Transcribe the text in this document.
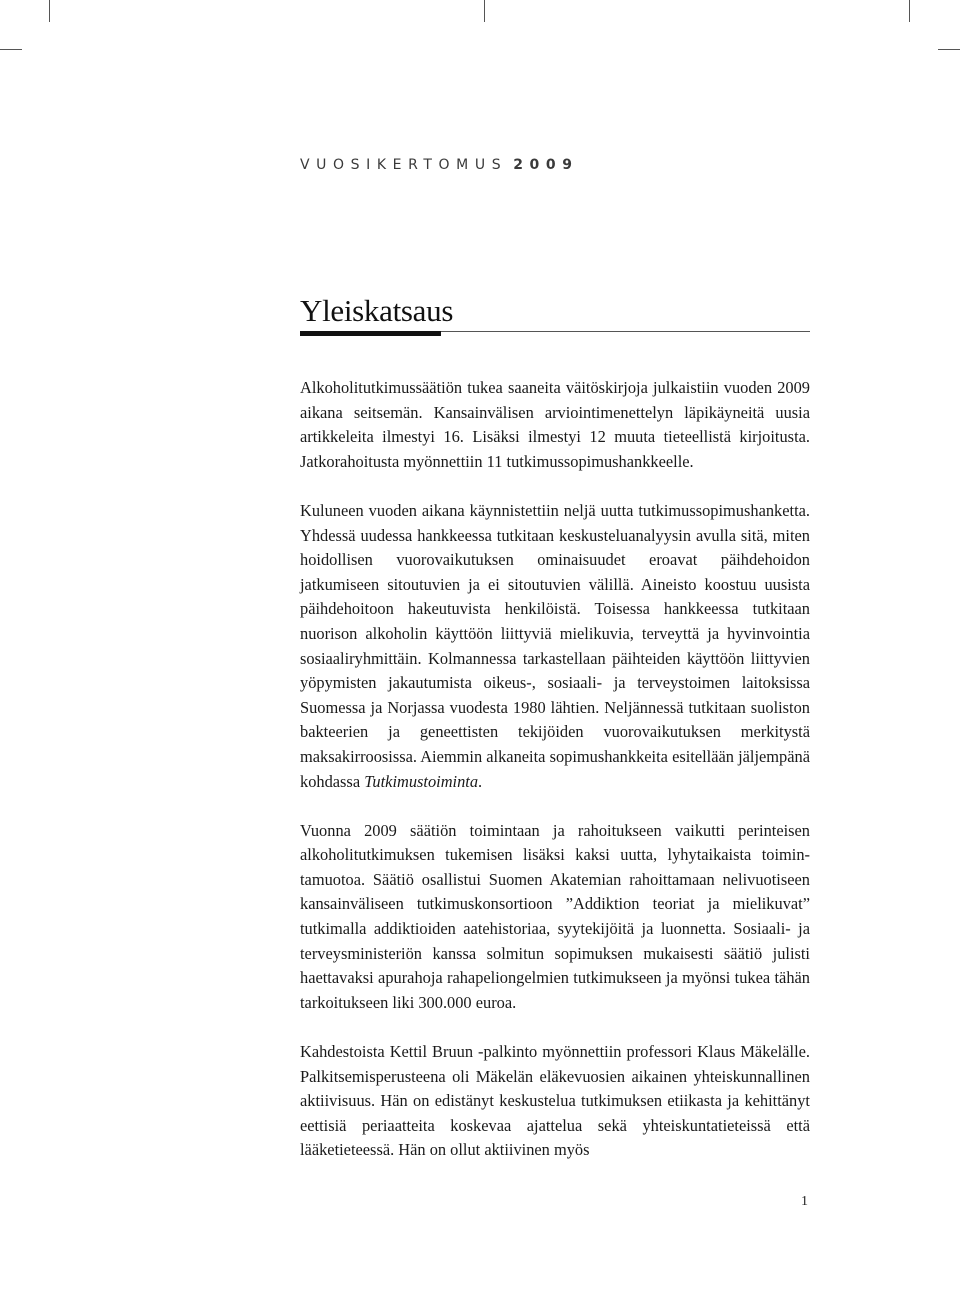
VUOSIKERTOMUS 2009
Yleiskatsaus

Alkoholitutkimussäätiön tukea saaneita väitöskirjoja julkaistiin vuoden 2009 aikana seitsemän. Kansainvälisen arviointimenettelyn läpikäyneitä uusia artikkeleita ilmestyi 16. Lisäksi ilmestyi 12 muuta tieteellistä kirjoitusta. Jatkorahoitusta myönnettiin 11 tutkimussopimushankkeelle.

Kuluneen vuoden aikana käynnistettiin neljä uutta tutkimussopimushanketta. Yhdessä uudessa hankkeessa tutkitaan keskusteluanalyysin avulla sitä, miten hoidollisen vuorovaikutuksen ominaisuudet eroavat päihdehoidon jatkumiseen sitoutuvien ja ei sitoutuvien välillä. Aineisto koostuu uusista päihdehoitoon hakeutuvista henkilöistä. Toisessa hankkeessa tutkitaan nuorison alkoholin käyttöön liittyviä mielikuvia, terveyttä ja hyvinvointia sosiaaliryhmittäin. Kolmannessa tarkastellaan päihteiden käyttöön liittyvien yöpymisten jakautumista oikeus-, sosiaali- ja terveystoimen laitoksissa Suomessa ja Norjassa vuodesta 1980 lähtien. Neljännessä tutkitaan suoliston bakteerien ja geneettisten tekijöiden vuorovaikutuksen merkitystä maksakirroosissa. Aiemmin alkaneita sopimushankkeita esitellään jäljempänä kohdassa Tutkimustoiminta.

Vuonna 2009 säätiön toimintaan ja rahoitukseen vaikutti perinteisen alkoholitutkimuksen tukemisen lisäksi kaksi uutta, lyhytaikaista toimintamuotoa. Säätiö osallistui Suomen Akatemian rahoittamaan nelivuotiseen kansainväliseen tutkimuskonsortioon ”Addiktion teoriat ja mielikuvat” tutkimalla addiktioiden aatehistoriaa, syytekijöitä ja luonnetta. Sosiaali- ja terveysministeriön kanssa solmitun sopimuksen mukaisesti säätiö julisti haettavaksi apurahoja rahapeliongelmien tutkimukseen ja myönsi tukea tähän tarkoitukseen liki 300.000 euroa.

Kahdestoista Kettil Bruun -palkinto myönnettiin professori Klaus Mäkelälle. Palkitsemisperusteena oli Mäkelän eläkevuosien aikainen yhteiskunnallinen aktiivisuus. Hän on edistänyt keskustelua tutkimuksen etiikasta ja kehittänyt eettisiä periaatteita koskevaa ajattelua sekä yhteiskuntatieteissä että lääketieteessä. Hän on ollut aktiivinen myös

1
